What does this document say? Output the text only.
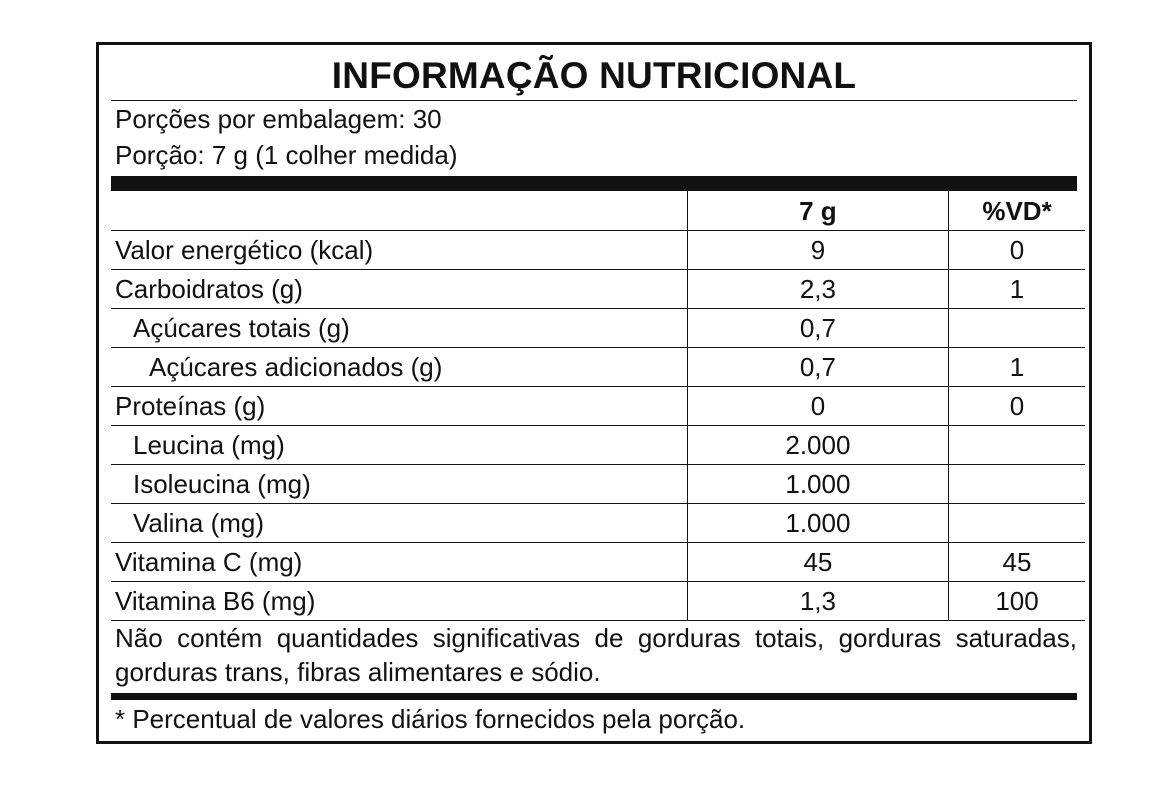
INFORMAÇÃO NUTRICIONAL
Porções por embalagem: 30
Porção: 7 g (1 colher medida)
	7 g	%VD*
Valor energético (kcal)	9	0
Carboidratos (g)	2,3	1
Açúcares totais (g)	0,7	
Açúcares adicionados (g)	0,7	1
Proteínas (g)	0	0
Leucina (mg)	2.000	
Isoleucina (mg)	1.000	
Valina (mg)	1.000	
Vitamina C (mg)	45	45
Vitamina B6 (mg)	1,3	100
Não contém quantidades significativas de gorduras totais, gorduras saturadas, gorduras trans, fibras alimentares e sódio.
* Percentual de valores diários fornecidos pela porção.
